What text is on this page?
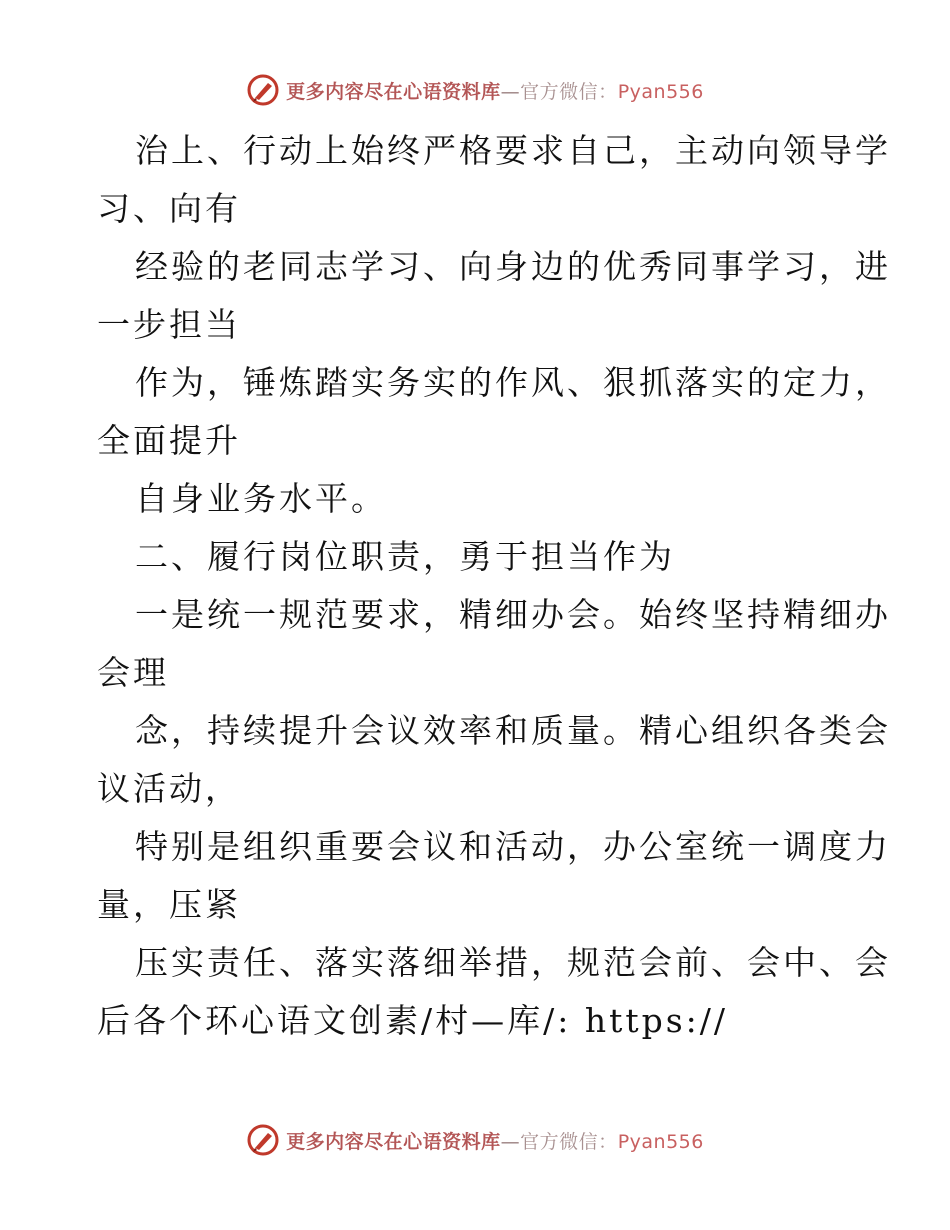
更多内容尽在心语资料库—官方微信：Pyan556
治上、行动上始终严格要求自己，主动向领导学
习、向有
经验的老同志学习、向身边的优秀同事学习，进
一步担当
作为，锤炼踏实务实的作风、狠抓落实的定力，
全面提升
自身业务水平。
二、履行岗位职责，勇于担当作为
一是统一规范要求，精细办会。始终坚持精细办
会理
念，持续提升会议效率和质量。精心组织各类会
议活动，
特别是组织重要会议和活动，办公室统一调度力
量，压紧
压实责任、落实落细举措，规范会前、会中、会
后各个环心语文创素/村—库/: https://
更多内容尽在心语资料库—官方微信：Pyan556
